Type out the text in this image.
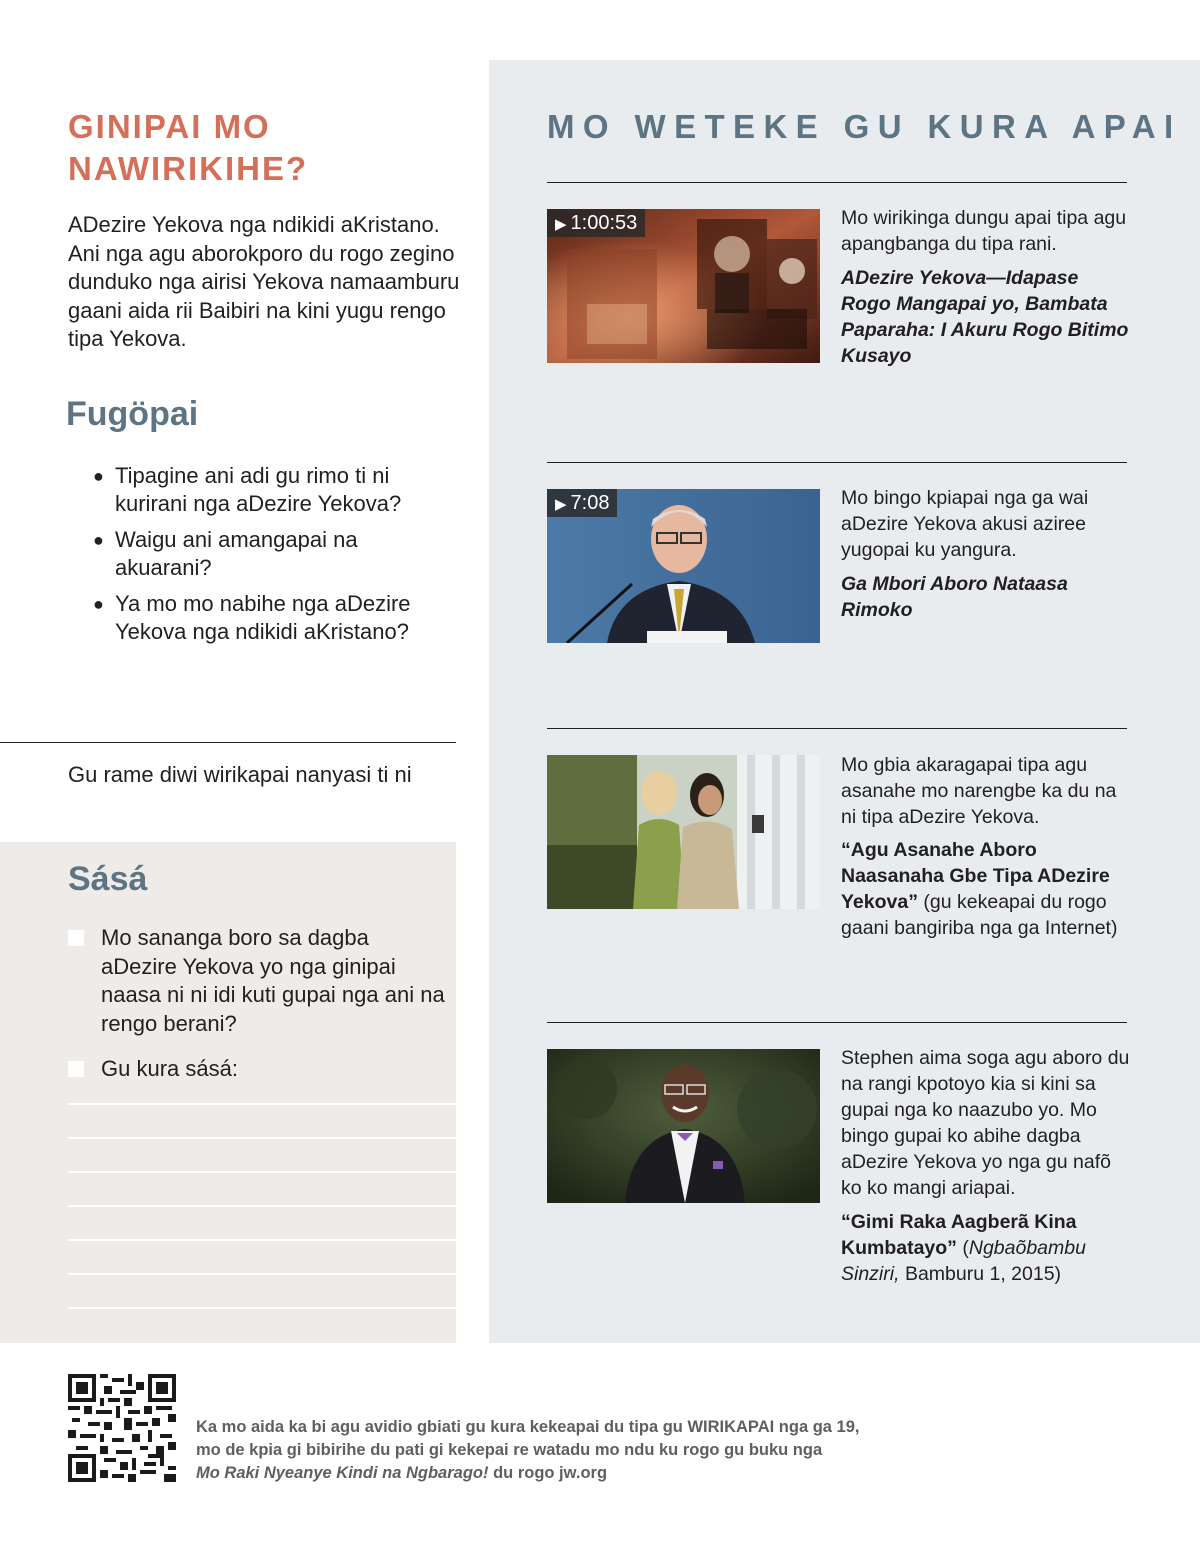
GINIPAI MO NAWIRIKIHE?

ADezire Yekova nga ndikidi aKristano. Ani nga agu aborokporo du rogo zegino dunduko nga airisi Yekova namaamburu gaani aida rii Baibiri na kini yugu rengo tipa Yekova.

Fugöpai
● Tipagine ani adi gu rimo ti ni kurirani nga aDezire Yekova?
● Waigu ani amangapai na akuarani?
● Ya mo mo nabihe nga aDezire Yekova nga ndikidi aKristano?

Gu rame diwi wirikapai nanyasi ti ni

Sásá
Mo sananga boro sa dagba aDezire Yekova yo nga ginipai naasa ni ni idi kuti gupai nga ani na rengo berani?
Gu kura sásá:
MO WETEKE GU KURA APAI
▶ 1:00:53	Mo wirikinga dungu apai tipa agu apangbanga du tipa rani.

ADezire Yekova—Idapase Rogo Mangapai yo, Bambata Paparaha: I Akuru Rogo Bitimo Kusayo

▶ 7:08	Mo bingo kpiapai nga ga wai aDezire Yekova akusi aziree yugopai ku yangura.

Ga Mbori Aboro Nataasa Rimoko

Mo gbia akaragapai tipa agu asanahe mo narengbe ka du na ni tipa aDezire Yekova.

“Agu Asanahe Aboro Naasanaha Gbe Tipa ADezire Yekova” (gu kekeapai du rogo gaani bangiriba nga ga Internet)

Stephen aima soga agu aboro du na rangi kpotoyo kia si kini sa gupai nga ko naazubo yo. Mo bingo gupai ko abihe dagba aDezire Yekova yo nga gu nafõ ko ko mangi ariapai.

“Gimi Raka Aagberã Kina Kumbatayo” (Ngbaõbambu Sinziri, Bamburu 1, 2015)

Ka mo aida ka bi agu avidio gbiati gu kura kekeapai du tipa gu WIRIKAPAI nga ga 19,
mo de kpia gi bibirihe du pati gi kekepai re watadu mo ndu ku rogo gu buku nga
Mo Raki Nyeanye Kindi na Ngbarago! du rogo jw.org
